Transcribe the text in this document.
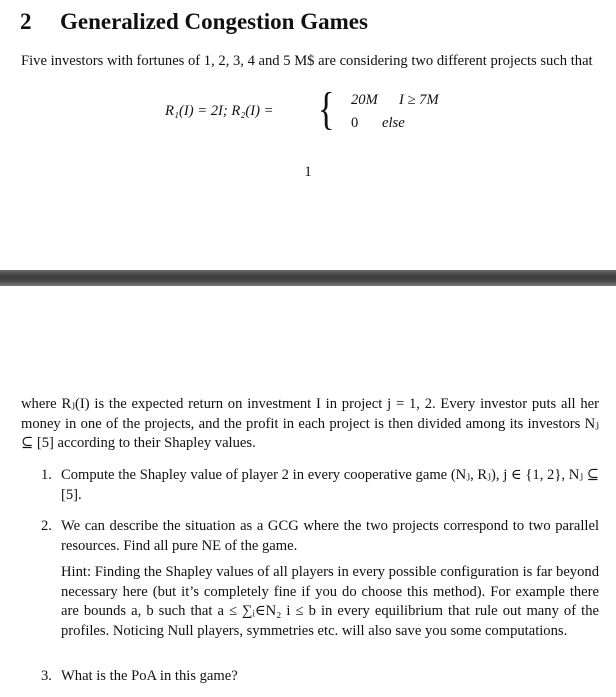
2 Generalized Congestion Games

Five investors with fortunes of 1, 2, 3, 4 and 5 M$ are considering two different projects such that

R₁(I) = 2I; R₂(I) = { 20M I ≥ 7M
0 else
1

where Rⱼ(I) is the expected return on investment I in project j = 1, 2. Every investor puts all her money in one of the projects, and the profit in each project is then divided among its investors Nⱼ ⊆ [5] according to their Shapley values.

1. Compute the Shapley value of player 2 in every cooperative game (Nⱼ, Rⱼ), j ∈ {1, 2}, Nⱼ ⊆ [5].
2. We can describe the situation as a GCG where the two projects correspond to two parallel resources. Find all pure NE of the game.
Hint: Finding the Shapley values of all players in every possible configuration is far beyond necessary here (but it’s completely fine if you do choose this method). For example there are bounds a, b such that a ≤ ∑ᵢ∈N₂ i ≤ b in every equilibrium that rule out many of the profiles. Noticing Null players, symmetries etc. will also save you some computations.
3. What is the PoA in this game?
